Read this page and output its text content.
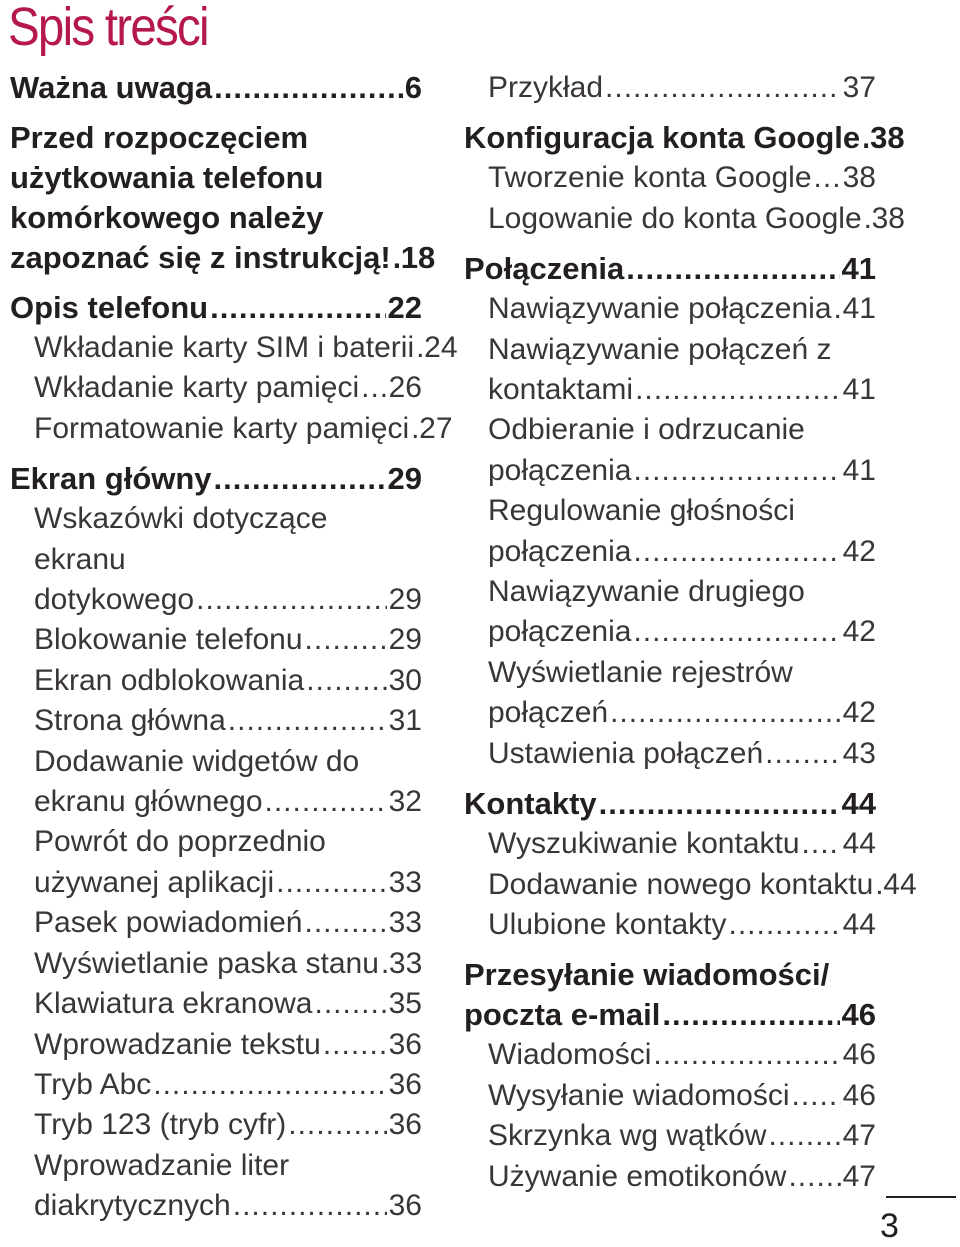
Spis treści
Ważna uwaga .....	6
Przed rozpoczęciem
użytkowania telefonu
komórkowego należy
zapoznać się z instrukcją! ..... 18
Opis telefonu .....	22
Wkładanie karty SIM i baterii ..... 24
Wkładanie karty pamięci ..... 26
Formatowanie karty pamięci ..... 27
Ekran główny .....	29
Wskazówki dotyczące ekranu
dotykowego .....	29
Blokowanie telefonu .....	29
Ekran odblokowania .....	30
Strona główna .....	31
Dodawanie widgetów do
ekranu głównego .....	32
Powrót do poprzednio
używanej aplikacji .....	33
Pasek powiadomień .....	33
Wyświetlanie paska stanu ..... 33
Klawiatura ekranowa .....	35
Wprowadzanie tekstu ..... 36
Tryb Abc .....	36
Tryb 123 (tryb cyfr) .....	36
Wprowadzanie liter
diakrytycznych .....	36
Przykład .....	37
Konfiguracja konta Google ..... 38
Tworzenie konta Google ..... 38
Logowanie do konta Google ..... 38
Połączenia .....	41
Nawiązywanie połączenia ..... 41
Nawiązywanie połączeń z
kontaktami .....	41
Odbieranie i odrzucanie
połączenia .....	41
Regulowanie głośności
połączenia .....	42
Nawiązywanie drugiego
połączenia .....	42
Wyświetlanie rejestrów
połączeń .....	42
Ustawienia połączeń .....	43
Kontakty .....	44
Wyszukiwanie kontaktu ..... 44
Dodawanie nowego kontaktu ..... 44
Ulubione kontakty .....	44
Przesyłanie wiadomości/
poczta e-mail .....	46
Wiadomości .....	46
Wysyłanie wiadomości ..... 46
Skrzynka wg wątków .....	47
Używanie emotikonów ..... 47
3
